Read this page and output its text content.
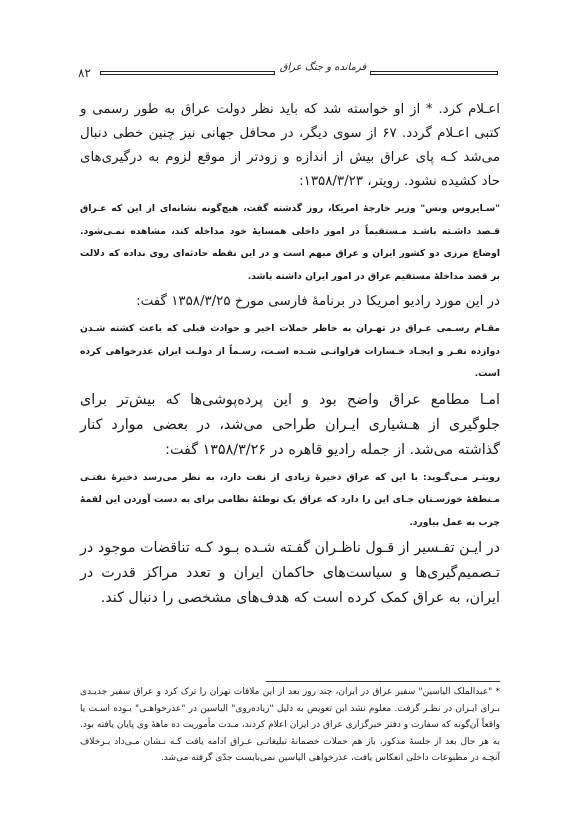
۸۲	فرمانده و جنگ عراق

اعـلام کرد. * از او خواسته شد که باید نظر دولت عراق به طور رسمی و کتبی اعـلام گردد. ۶۷ از سوی دیگر، در محافل جهانی نیز چنین خطی دنبال می‌شد کـه پای عراق بیش از اندازه و زودتر از موقع لزوم به درگیری‌های حاد کشیده نشود. رویتر، ۱۳۵۸/۳/۲۳:

"سـایروس ونس" وزیر خارجهٔ امریکا، روز گذشته گفت، هیچ‌گونه نشانه‌ای از این که عـراق قـصد داشـته باشـد مـستقیماً در امور داخلی همسایهٔ خود مداخله کند، مشاهده نمـی‌شود. اوضاع مرزی دو کشور ایران و عراق مبهم است و در این نقطه حادثه‌ای روی نداده که دلالت بر قصد مداخلهٔ مستقیم عراق در امور ایران داشته باشد.

در این مورد رادیو امریکا در برنامهٔ فارسی مورخ ۱۳۵۸/۳/۲۵ گفت:

مقـام رسـمی عـراق در تهـران به خاطر حملات اخیر و حوادث قبلی که باعث کشته شـدن دوازده نفـر و ایجـاد خـسارات فراوانـی شـده اسـت، رسـماً از دولـت ایران عذرخواهی کرده است.

امـا مطامع عراق واضح بود و این پرده‌پوشی‌ها که بیش‌تر برای جلوگیری از هـشیاری ایـران طراحی می‌شد، در بعضی موارد کنار گذاشته می‌شد. از جمله رادیو قاهره در ۱۳۵۸/۳/۲۶ گفت:

رویتـر مـی‌گـوید: با این که عراق ذخیرهٔ زیادی از نفت دارد، به نظر می‌رسد ذخیرهٔ نفتـی مـنطقهٔ خوزسـتان جـای این را دارد که عراق یک توطئهٔ نظامی برای به دست آوردن این لقمهٔ چرب به عمل بیاورد.

در ایـن تفـسیر از قـول ناظـران گفـته شـده بـود کـه تناقضات موجود در تـصمیم‌گیری‌ها و سیاست‌های حاکمان ایران و تعدد مراکز قدرت در ایران، به عراق کمک کرده است که هدف‌های مشخصی را دنبال کند.

* "عبدالملک الیاسین" سفیر عراق در ایران، چند روز بعد از این ملاقات تهران را ترک کرد و عراق سفیر جدیـدی بـرای ایـران در نظـر گرفت. معلوم نشد این تعویض به دلیل "زیاده‌روی" الیاسین در "عذرخواهـی" بـوده اسـت یا واقعاً آن‌گونه که سفارت و دفتر خبرگزاری عراق در ایران اعلام کردند، مـدت مأموریت ده ماههٔ وی پایان یافته بود. به هر حال بعد از جلسهٔ مذکور، باز هم حملات خصمانهٔ تبلیغاتـی عـراق ادامه یافت کـه نـشان مـی‌داد بـرخلاف آنچـه در مطبوعات داخلی انعکاس یافت، عذرخواهی الیاسین نمی‌بایست جدّی گرفته می‌شد.
